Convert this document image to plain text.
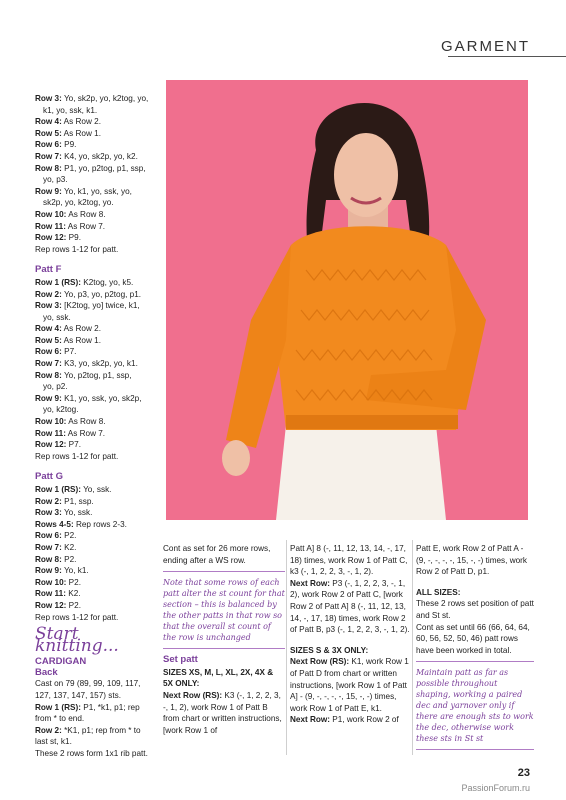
GARMENT

Row 3: Yo, sk2p, yo, k2tog, yo,

k1, yo, ssk, k1.

Row 4: As Row 2.

Row 5: As Row 1.

Row 6: P9.

Row 7: K4, yo, sk2p, yo, k2.

Row 8: P1, yo, p2tog, p1, ssp,

yo, p3.

Row 9: Yo, k1, yo, ssk, yo,

sk2p, yo, k2tog, yo.

Row 10: As Row 8.

Row 11: As Row 7.

Row 12: P9.

Rep rows 1-12 for patt.

Patt F

Row 1 (RS): K2tog, yo, k5.

Row 2: Yo, p3, yo, p2tog, p1.

Row 3: [K2tog, yo] twice, k1,

yo, ssk.

Row 4: As Row 2.

Row 5: As Row 1.

Row 6: P7.

Row 7: K3, yo, sk2p, yo, k1.

Row 8: Yo, p2tog, p1, ssp,

yo, p2.

Row 9: K1, yo, ssk, yo, sk2p,

yo, k2tog.

Row 10: As Row 8.

Row 11: As Row 7.

Row 12: P7.

Rep rows 1-12 for patt.

Patt G

Row 1 (RS): Yo, ssk.

Row 2: P1, ssp.

Row 3: Yo, ssk.

Rows 4-5: Rep rows 2-3.

Row 6: P2.

Row 7: K2.

Row 8: P2.

Row 9: Yo, k1.

Row 10: P2.

Row 11: K2.

Row 12: P2.

Rep rows 1-12 for patt.

Start knitting...
CARDIGAN
Back

Cast on 79 (89, 99, 109, 117, 127, 137, 147, 157) sts.

Row 1 (RS): P1, *k1, p1; rep from * to end.

Row 2: *K1, p1; rep from * to last st, k1.

These 2 rows form 1x1 rib patt.

Cont as set for 26 more rows, ending after a WS row.

Note that some rows of each patt alter the st count for that section – this is balanced by the other patts in that row so that the overall st count of the row is unchanged

Set patt

SIZES XS, M, L, XL, 2X, 4X & 5X ONLY:

Next Row (RS): K3 (-, 1, 2, 2, 3, -, 1, 2), work Row 1 of Patt B from chart or written instructions, [work Row 1 of

Patt A] 8 (-, 11, 12, 13, 14, -, 17, 18) times, work Row 1 of Patt C, k3 (-, 1, 2, 2, 3, -, 1, 2).

Next Row: P3 (-, 1, 2, 2, 3, -, 1, 2), work Row 2 of Patt C, [work Row 2 of Patt A] 8 (-, 11, 12, 13, 14, -, 17, 18) times, work Row 2 of Patt B, p3 (-, 1, 2, 2, 3, -, 1, 2).

SIZES S & 3X ONLY:

Next Row (RS): K1, work Row 1 of Patt D from chart or written instructions, [work Row 1 of Patt A] - (9, -, -, -, -, 15, -, -) times, work Row 1 of Patt E, k1.

Next Row: P1, work Row 2 of

Patt E, work Row 2 of Patt A - (9, -, -, -, -, 15, -, -) times, work Row 2 of Patt D, p1.

ALL SIZES:

These 2 rows set position of patt and St st.

Cont as set until 66 (66, 64, 64, 60, 56, 52, 50, 46) patt rows have been worked in total.

Maintain patt as far as possible throughout shaping, working a paired dec and yarnover only if there are enough sts to work the dec, otherwise work these sts in St st

23
PassionForum.ru
